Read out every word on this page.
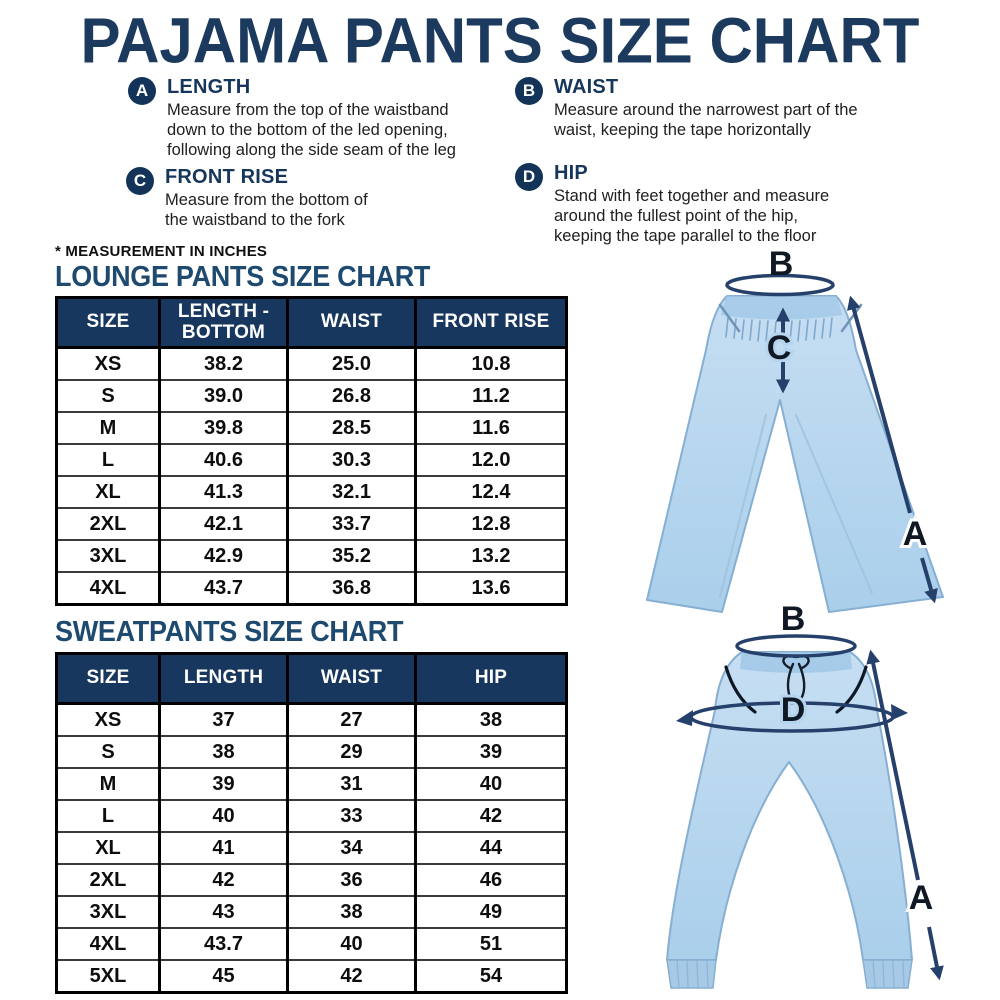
PAJAMA PANTS SIZE CHART
A LENGTH
Measure from the top of the waistband down to the bottom of the led opening, following along the side seam of the leg
B WAIST
Measure around the narrowest part of the waist, keeping the tape horizontally
C FRONT RISE
Measure from the bottom of the waistband to the fork
D HIP
Stand with feet together and measure around the fullest point of the hip, keeping the tape parallel to the floor
* MEASUREMENT IN INCHES
LOUNGE PANTS SIZE CHART
SIZE	LENGTH - BOTTOM	WAIST	FRONT RISE
XS	38.2	25.0	10.8
S	39.0	26.8	11.2
M	39.8	28.5	11.6
L	40.6	30.3	12.0
XL	41.3	32.1	12.4
2XL	42.1	33.7	12.8
3XL	42.9	35.2	13.2
4XL	43.7	36.8	13.6
SWEATPANTS SIZE CHART
SIZE	LENGTH	WAIST	HIP
XS	37	27	38
S	38	29	39
M	39	31	40
L	40	33	42
XL	41	34	44
2XL	42	36	46
3XL	43	38	49
4XL	43.7	40	51
5XL	45	42	54
B
C
A
B
D
A
